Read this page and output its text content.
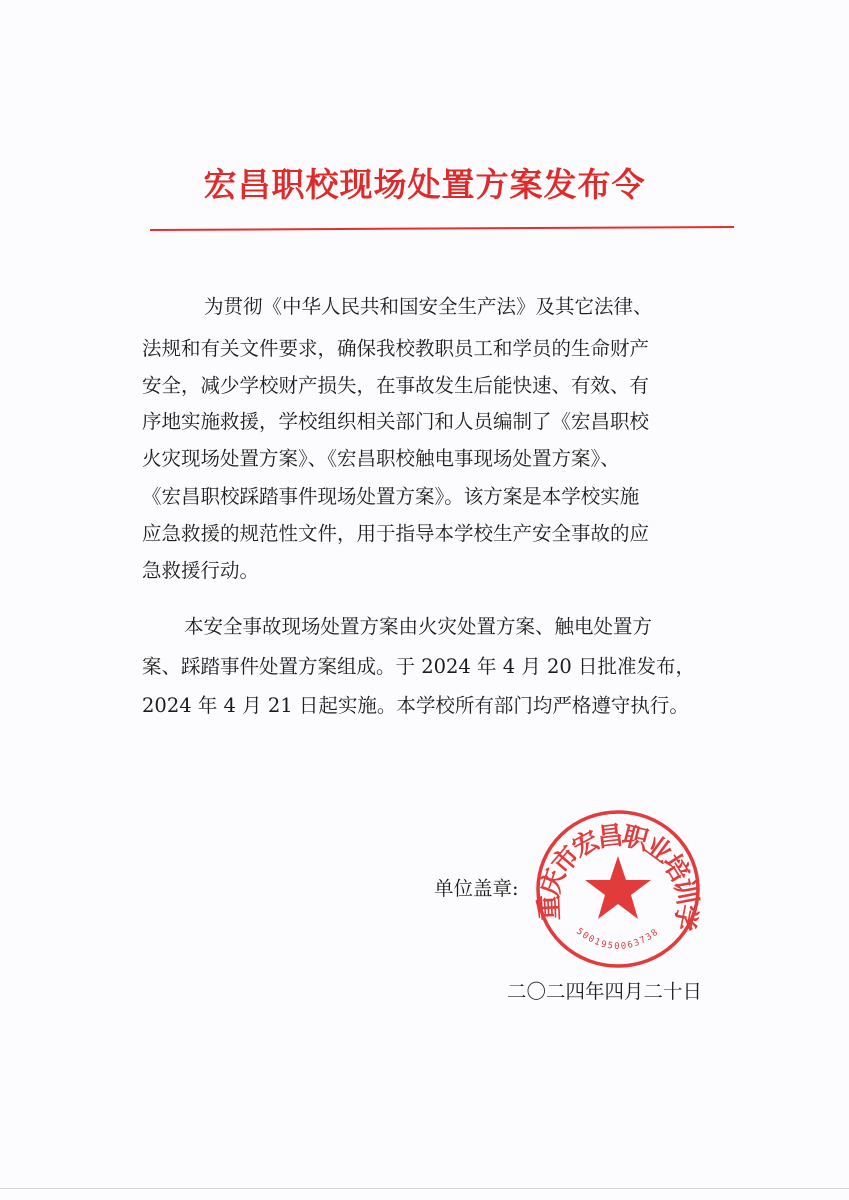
宏昌职校现场处置方案发布令
为贯彻《中华人民共和国安全生产法》及其它法律、
法规和有关文件要求，确保我校教职员工和学员的生命财产
安全，减少学校财产损失，在事故发生后能快速、有效、有
序地实施救援，学校组织相关部门和人员编制了《宏昌职校
火灾现场处置方案》、《宏昌职校触电事现场处置方案》、
《宏昌职校踩踏事件现场处置方案》。该方案是本学校实施
应急救援的规范性文件，用于指导本学校生产安全事故的应
急救援行动。
本安全事故现场处置方案由火灾处置方案、触电处置方
案、踩踏事件处置方案组成。于 2024 年 4 月 20 日批准发布，
2024 年 4 月 21 日起实施。本学校所有部门均严格遵守执行。
单位盖章:
重庆市宏昌职业培训学
5001950063738
二〇二四年四月二十日
